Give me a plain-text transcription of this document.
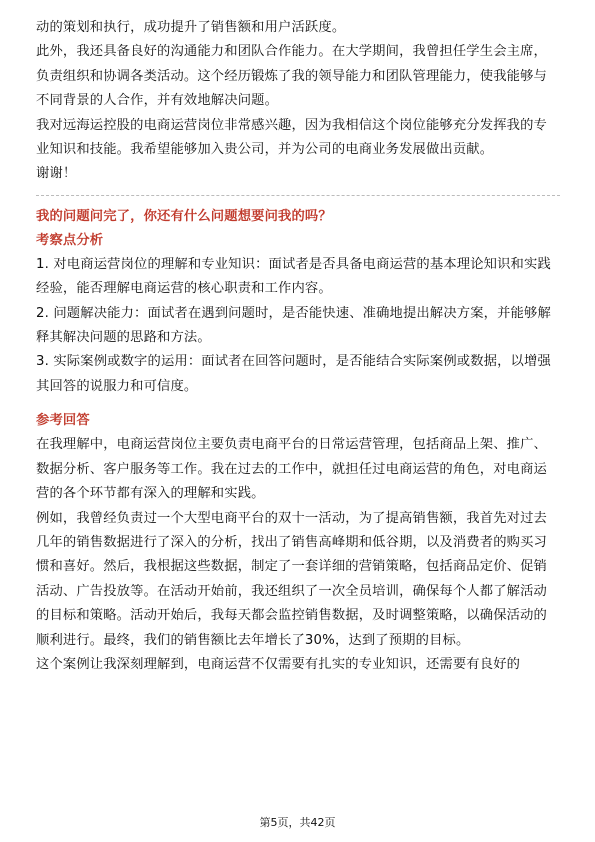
动的策划和执行，成功提升了销售额和用户活跃度。

此外，我还具备良好的沟通能力和团队合作能力。在大学期间，我曾担任学生会主席，负责组织和协调各类活动。这个经历锻炼了我的领导能力和团队管理能力，使我能够与不同背景的人合作，并有效地解决问题。

我对远海运控股的电商运营岗位非常感兴趣，因为我相信这个岗位能够充分发挥我的专业知识和技能。我希望能够加入贵公司，并为公司的电商业务发展做出贡献。

谢谢！

我的问题问完了，你还有什么问题想要问我的吗？

考察点分析

1. 对电商运营岗位的理解和专业知识：面试者是否具备电商运营的基本理论知识和实践经验，能否理解电商运营的核心职责和工作内容。

2. 问题解决能力：面试者在遇到问题时，是否能快速、准确地提出解决方案，并能够解释其解决问题的思路和方法。

3. 实际案例或数字的运用：面试者在回答问题时，是否能结合实际案例或数据，以增强其回答的说服力和可信度。

参考回答

在我理解中，电商运营岗位主要负责电商平台的日常运营管理，包括商品上架、推广、数据分析、客户服务等工作。我在过去的工作中，就担任过电商运营的角色，对电商运营的各个环节都有深入的理解和实践。

例如，我曾经负责过一个大型电商平台的双十一活动，为了提高销售额，我首先对过去几年的销售数据进行了深入的分析，找出了销售高峰期和低谷期，以及消费者的购买习惯和喜好。然后，我根据这些数据，制定了一套详细的营销策略，包括商品定价、促销活动、广告投放等。在活动开始前，我还组织了一次全员培训，确保每个人都了解活动的目标和策略。活动开始后，我每天都会监控销售数据，及时调整策略，以确保活动的顺利进行。最终，我们的销售额比去年增长了30%，达到了预期的目标。

这个案例让我深刻理解到，电商运营不仅需要有扎实的专业知识，还需要有良好的

第5页，共42页
